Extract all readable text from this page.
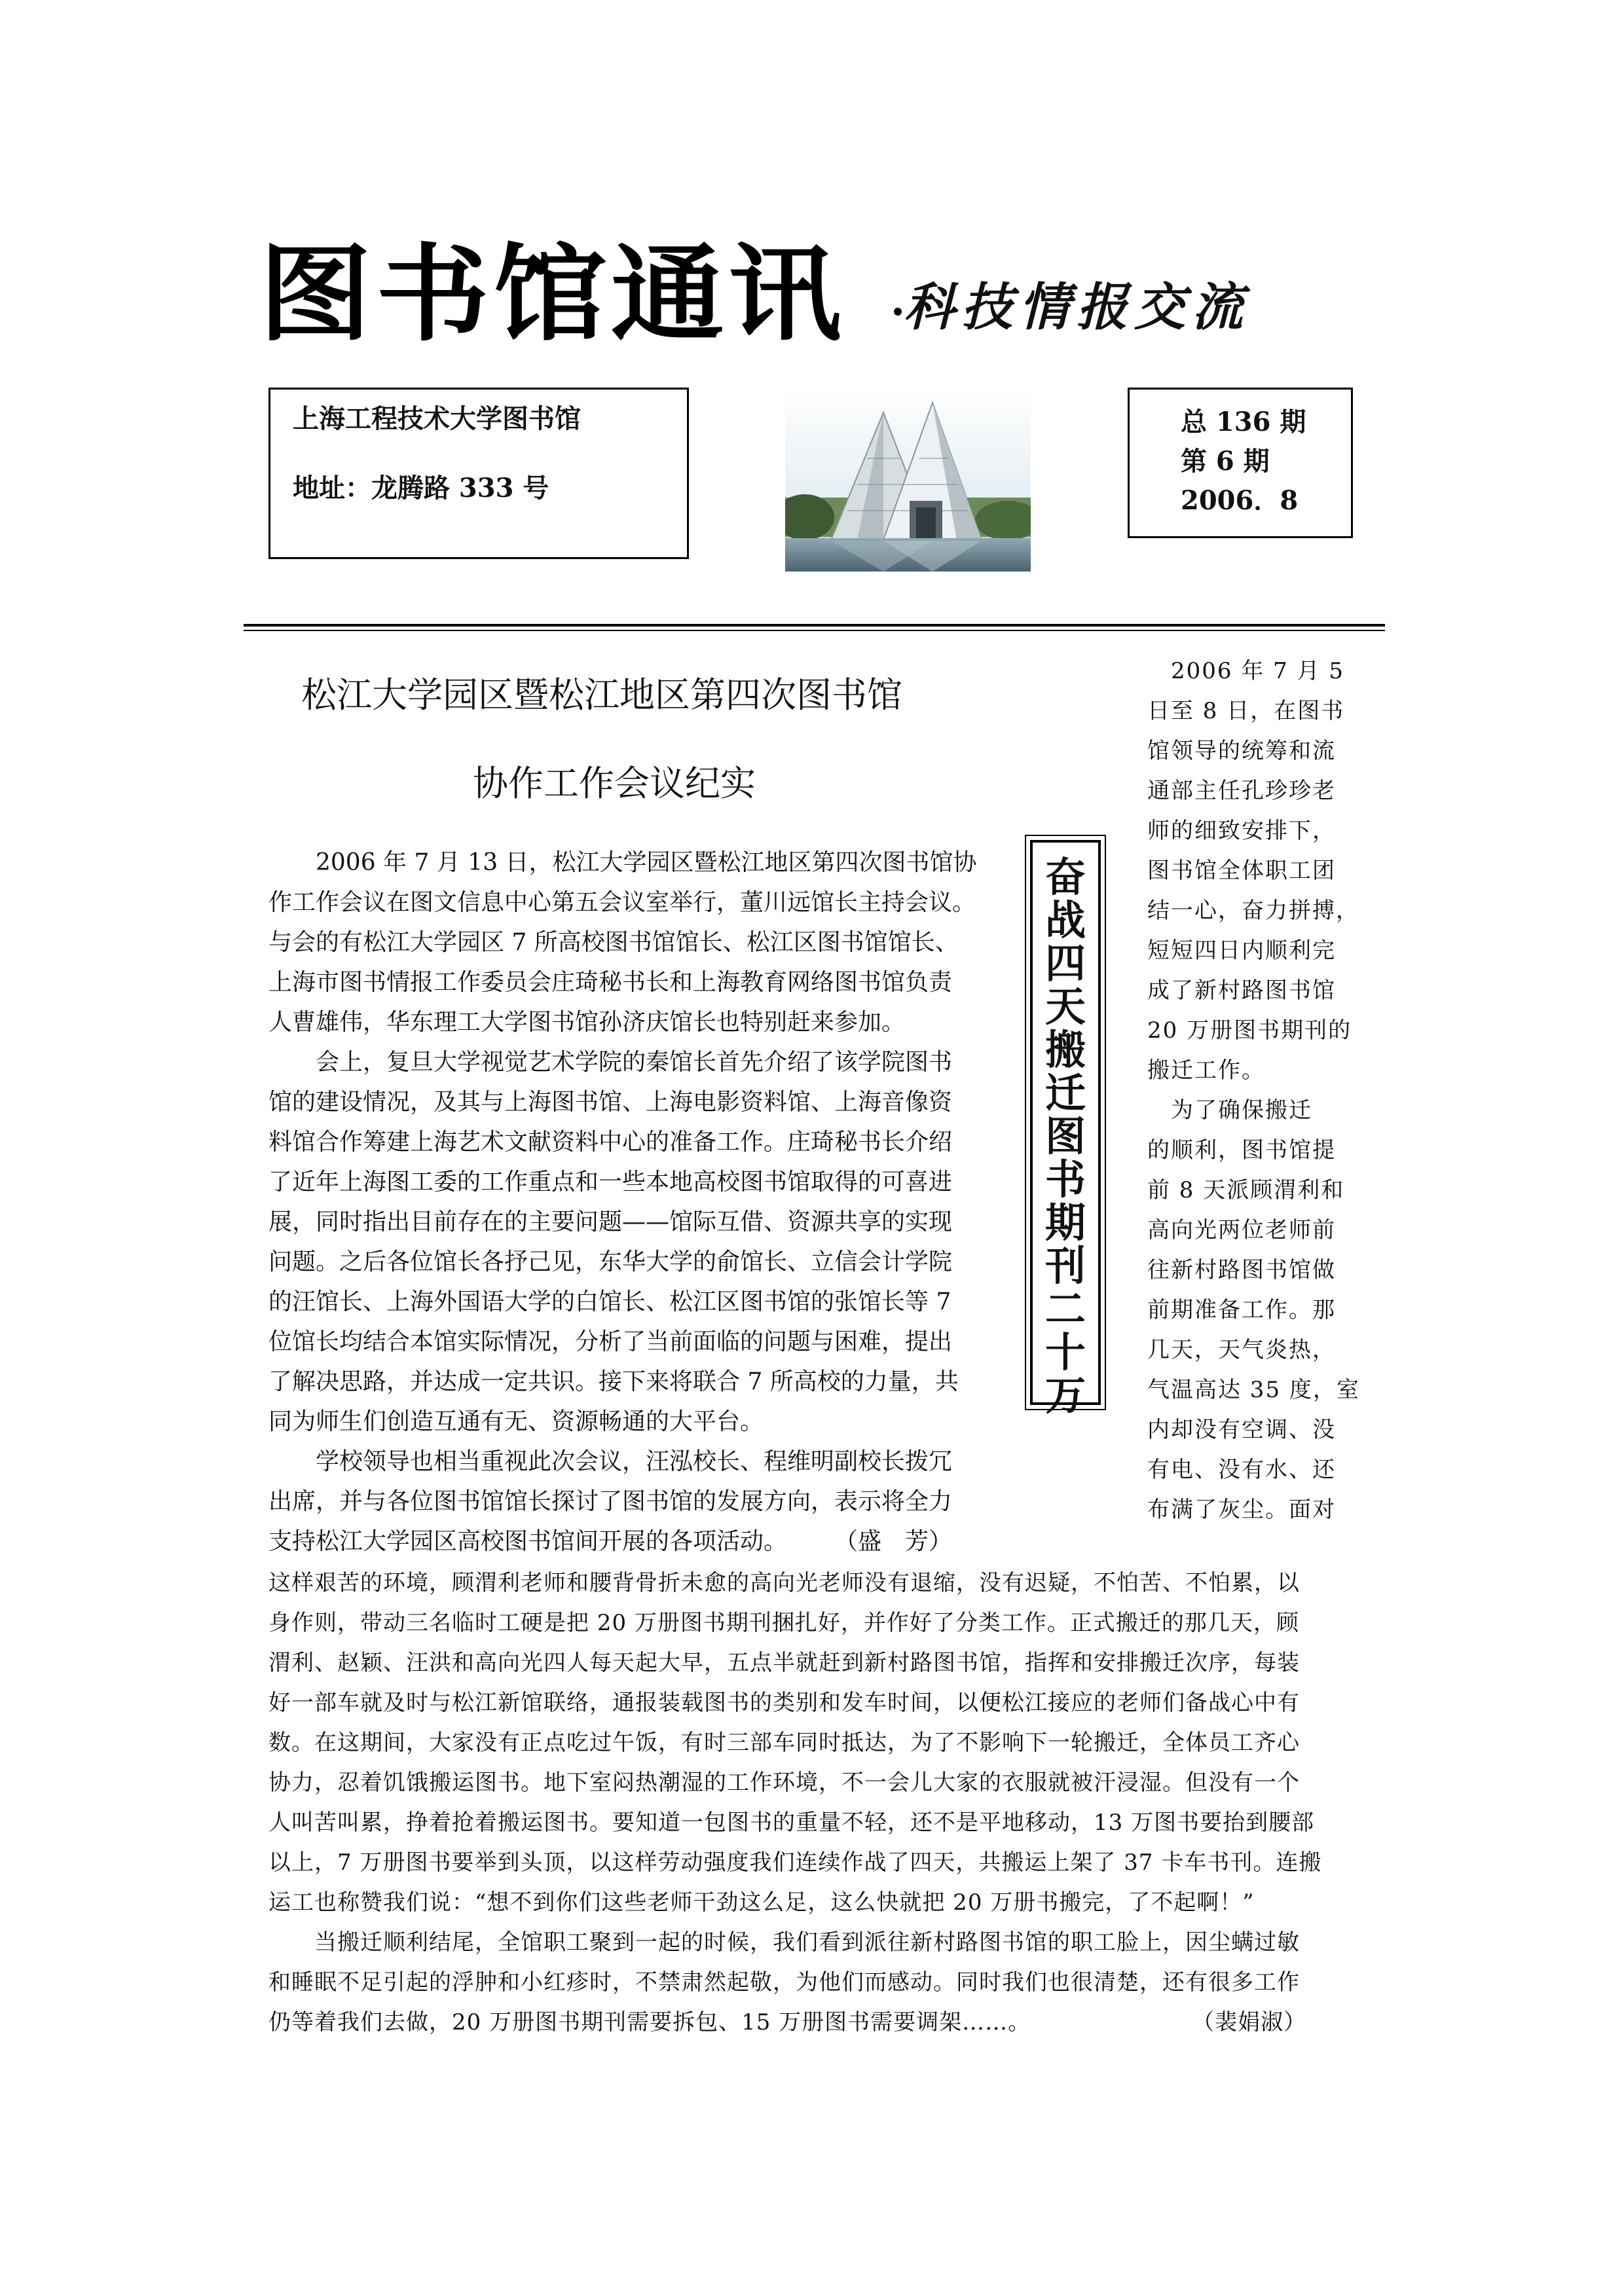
图书馆通讯 科技情报交流
上海工程技术大学图书馆
地址：龙腾路 333 号
总 136 期
第 6 期
2006．8
松江大学园区暨松江地区第四次图书馆
协作工作会议纪实
　　2006 年 7 月 13 日，松江大学园区暨松江地区第四次图书馆协
作工作会议在图文信息中心第五会议室举行，董川远馆长主持会议。
与会的有松江大学园区 7 所高校图书馆馆长、松江区图书馆馆长、
上海市图书情报工作委员会庄琦秘书长和上海教育网络图书馆负责
人曹雄伟，华东理工大学图书馆孙济庆馆长也特别赶来参加。
　　会上，复旦大学视觉艺术学院的秦馆长首先介绍了该学院图书
馆的建设情况，及其与上海图书馆、上海电影资料馆、上海音像资
料馆合作筹建上海艺术文献资料中心的准备工作。庄琦秘书长介绍
了近年上海图工委的工作重点和一些本地高校图书馆取得的可喜进
展，同时指出目前存在的主要问题——馆际互借、资源共享的实现
问题。之后各位馆长各抒己见，东华大学的俞馆长、立信会计学院
的汪馆长、上海外国语大学的白馆长、松江区图书馆的张馆长等 7
位馆长均结合本馆实际情况，分析了当前面临的问题与困难，提出
了解决思路，并达成一定共识。接下来将联合 7 所高校的力量，共
同为师生们创造互通有无、资源畅通的大平台。
　　学校领导也相当重视此次会议，汪泓校长、程维明副校长拨冗
出席，并与各位图书馆馆长探讨了图书馆的发展方向，表示将全力
支持松江大学园区高校图书馆间开展的各项活动。　　　（盛　芳）
奋战四天 搬迁图书期刊二十万
　2006 年 7 月 5
日至 8 日，在图书
馆领导的统筹和流
通部主任孔珍珍老
师的细致安排下，
图书馆全体职工团
结一心，奋力拼搏，
短短四日内顺利完
成了新村路图书馆
20 万册图书期刊的
搬迁工作。
　为了确保搬迁
的顺利，图书馆提
前 8 天派顾渭利和
高向光两位老师前
往新村路图书馆做
前期准备工作。那
几天，天气炎热，
气温高达 35 度，室
内却没有空调、没
有电、没有水、还
布满了灰尘。面对
这样艰苦的环境，顾渭利老师和腰背骨折未愈的高向光老师没有退缩，没有迟疑，不怕苦、不怕累，以
身作则，带动三名临时工硬是把 20 万册图书期刊捆扎好，并作好了分类工作。正式搬迁的那几天，顾
渭利、赵颖、汪洪和高向光四人每天起大早，五点半就赶到新村路图书馆，指挥和安排搬迁次序，每装
好一部车就及时与松江新馆联络，通报装载图书的类别和发车时间，以便松江接应的老师们备战心中有
数。在这期间，大家没有正点吃过午饭，有时三部车同时抵达，为了不影响下一轮搬迁，全体员工齐心
协力，忍着饥饿搬运图书。地下室闷热潮湿的工作环境，不一会儿大家的衣服就被汗浸湿。但没有一个
人叫苦叫累，挣着抢着搬运图书。要知道一包图书的重量不轻，还不是平地移动，13 万图书要抬到腰部
以上，7 万册图书要举到头顶，以这样劳动强度我们连续作战了四天，共搬运上架了 37 卡车书刊。连搬
运工也称赞我们说：“想不到你们这些老师干劲这么足，这么快就把 20 万册书搬完，了不起啊！”
　　当搬迁顺利结尾，全馆职工聚到一起的时候，我们看到派往新村路图书馆的职工脸上，因尘螨过敏
和睡眠不足引起的浮肿和小红疹时，不禁肃然起敬，为他们而感动。同时我们也很清楚，还有很多工作
仍等着我们去做，20 万册图书期刊需要拆包、15 万册图书需要调架……。　　　　　　　　（裴娟淑）
